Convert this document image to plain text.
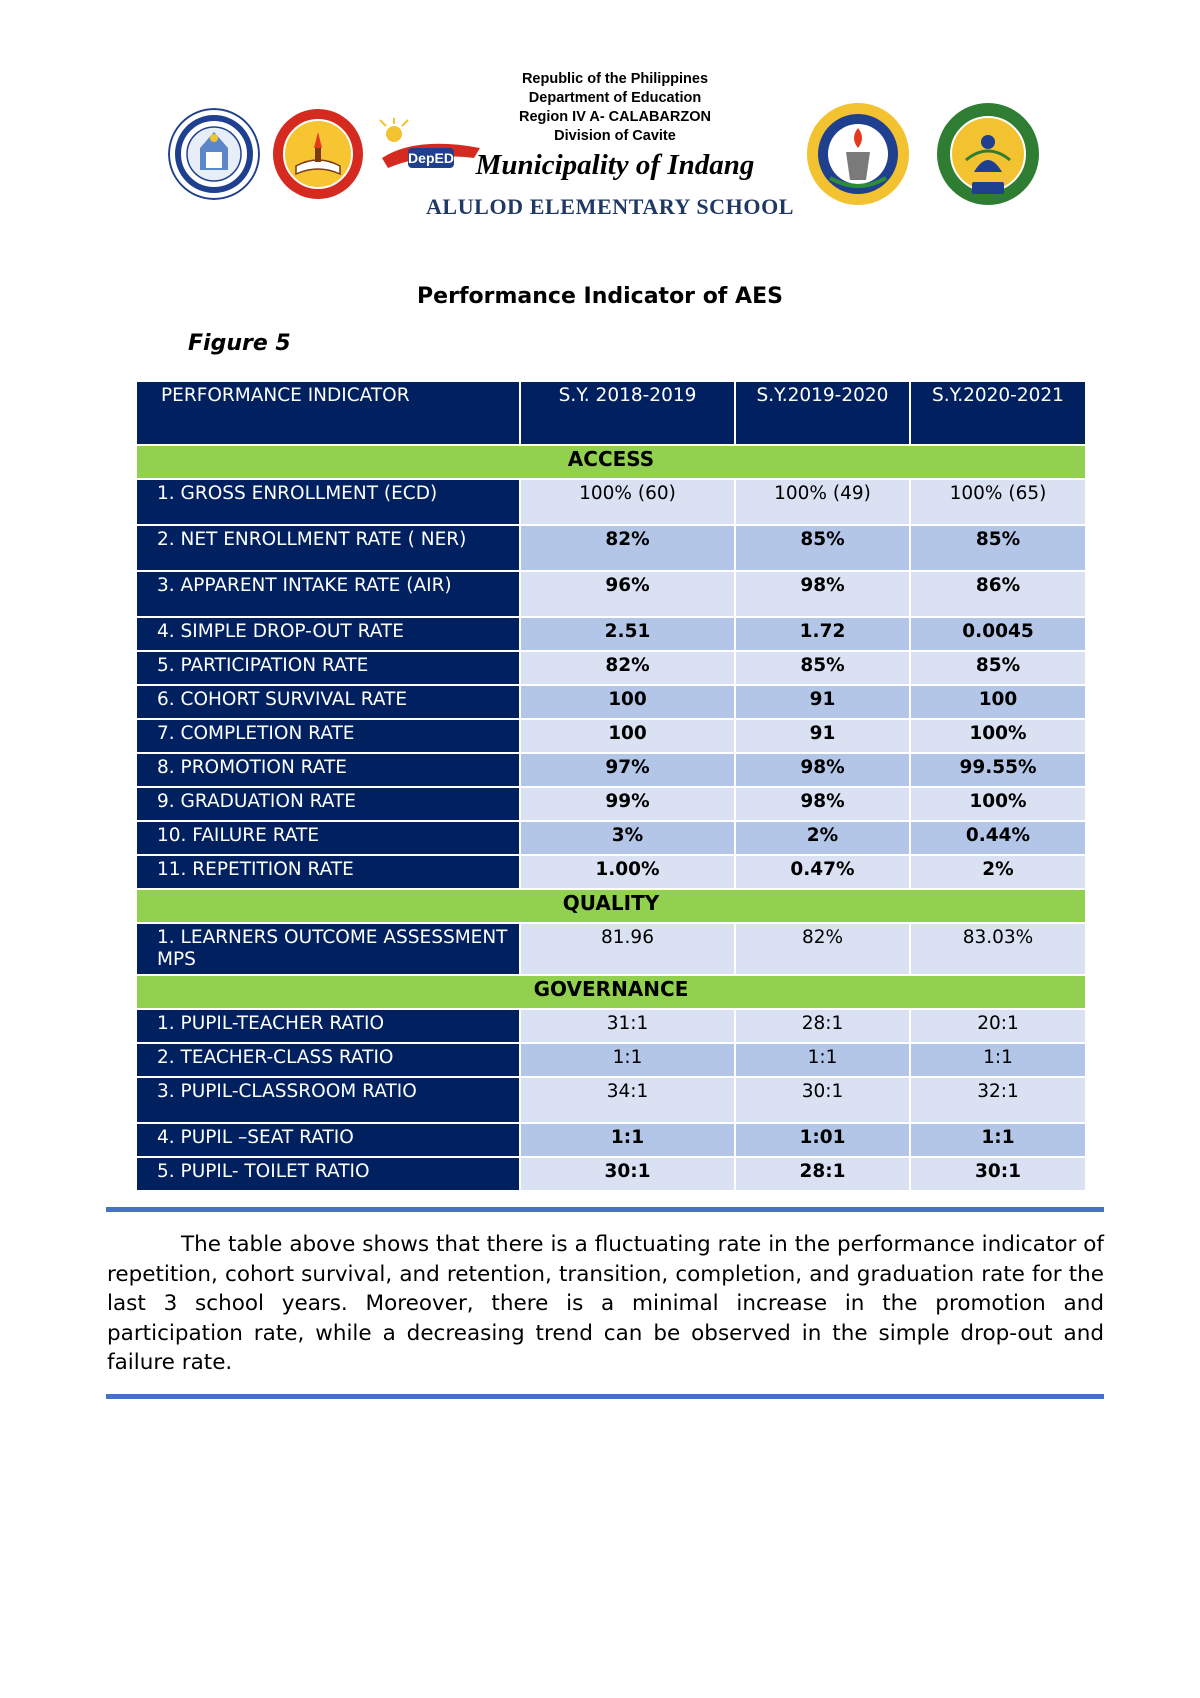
DepED
Republic of the Philippines
Department of Education
Region IV A- CALABARZON
Division of Cavite
Municipality of Indang
ALULOD ELEMENTARY SCHOOL
Performance Indicator of AES
Figure 5
PERFORMANCE INDICATOR	S.Y. 2018-2019	S.Y.2019-2020	S.Y.2020-2021
ACCESS			
1. GROSS ENROLLMENT (ECD)	100% (60)	100% (49)	100% (65)
2. NET ENROLLMENT RATE ( NER)	82%	85%	85%
3. APPARENT INTAKE RATE (AIR)	96%	98%	86%
4. SIMPLE DROP-OUT RATE	2.51	1.72	0.0045
5. PARTICIPATION RATE	82%	85%	85%
6. COHORT SURVIVAL RATE	100	91	100
7. COMPLETION RATE	100	91	100%
8. PROMOTION RATE	97%	98%	99.55%
9. GRADUATION RATE	99%	98%	100%
10. FAILURE RATE	3%	2%	0.44%
11. REPETITION RATE	1.00%	0.47%	2%
QUALITY			
1. LEARNERS OUTCOME ASSESSMENT MPS	81.96	82%	83.03%
GOVERNANCE			
1. PUPIL-TEACHER RATIO	31:1	28:1	20:1
2. TEACHER-CLASS RATIO	1:1	1:1	1:1
3. PUPIL-CLASSROOM RATIO	34:1	30:1	32:1
4. PUPIL –SEAT RATIO	1:1	1:01	1:1
5. PUPIL- TOILET RATIO	30:1	28:1	30:1

The table above shows that there is a fluctuating rate in the performance indicator of repetition, cohort survival, and retention, transition, completion, and graduation rate for the last 3 school years. Moreover, there is a minimal increase in the promotion and participation rate, while a decreasing trend can be observed in the simple drop-out and failure rate.
